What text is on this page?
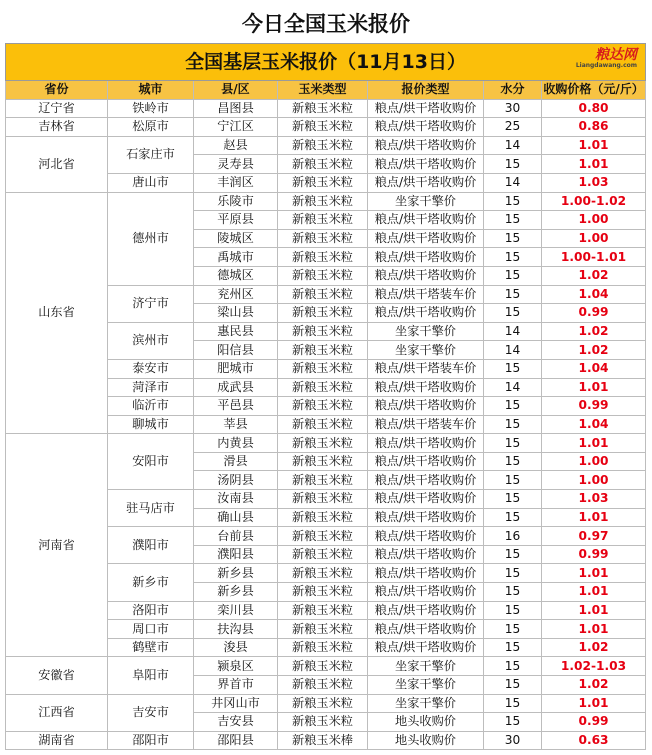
今日全国玉米报价
全国基层玉米报价（11月13日） 粮达网
Liangdawang.com						

省份	城市	县/区	玉米类型	报价类型	水分	收购价格（元/斤）
辽宁省	铁岭市	昌图县	新粮玉米粒	粮点/烘干塔收购价	30	0.80
吉林省	松原市	宁江区	新粮玉米粒	粮点/烘干塔收购价	25	0.86
河北省	石家庄市	赵县	新粮玉米粒	粮点/烘干塔收购价	14	1.01
		灵寿县	新粮玉米粒	粮点/烘干塔收购价	15	1.01
	唐山市	丰润区	新粮玉米粒	粮点/烘干塔收购价	14	1.03
山东省	德州市	乐陵市	新粮玉米粒	坐家干擎价	15	1.00-1.02
		平原县	新粮玉米粒	粮点/烘干塔收购价	15	1.00
		陵城区	新粮玉米粒	粮点/烘干塔收购价	15	1.00
		禹城市	新粮玉米粒	粮点/烘干塔收购价	15	1.00-1.01
		德城区	新粮玉米粒	粮点/烘干塔收购价	15	1.02
	济宁市	兖州区	新粮玉米粒	粮点/烘干塔装车价	15	1.04
		梁山县	新粮玉米粒	粮点/烘干塔收购价	15	0.99
	滨州市	惠民县	新粮玉米粒	坐家干擎价	14	1.02
		阳信县	新粮玉米粒	坐家干擎价	14	1.02
	泰安市	肥城市	新粮玉米粒	粮点/烘干塔装车价	15	1.04
	菏泽市	成武县	新粮玉米粒	粮点/烘干塔收购价	14	1.01
	临沂市	平邑县	新粮玉米粒	粮点/烘干塔收购价	15	0.99
	聊城市	莘县	新粮玉米粒	粮点/烘干塔装车价	15	1.04
河南省	安阳市	内黄县	新粮玉米粒	粮点/烘干塔收购价	15	1.01
		滑县	新粮玉米粒	粮点/烘干塔收购价	15	1.00
		汤阴县	新粮玉米粒	粮点/烘干塔收购价	15	1.00
	驻马店市	汝南县	新粮玉米粒	粮点/烘干塔收购价	15	1.03
		确山县	新粮玉米粒	粮点/烘干塔收购价	15	1.01
	濮阳市	台前县	新粮玉米粒	粮点/烘干塔收购价	16	0.97
		濮阳县	新粮玉米粒	粮点/烘干塔收购价	15	0.99
	新乡市	新乡县	新粮玉米粒	粮点/烘干塔收购价	15	1.01
		新乡县	新粮玉米粒	粮点/烘干塔收购价	15	1.01
	洛阳市	栾川县	新粮玉米粒	粮点/烘干塔收购价	15	1.01
	周口市	扶沟县	新粮玉米粒	粮点/烘干塔收购价	15	1.01
	鹤壁市	浚县	新粮玉米粒	粮点/烘干塔收购价	15	1.02
安徽省	阜阳市	颍泉区	新粮玉米粒	坐家干擎价	15	1.02-1.03
		界首市	新粮玉米粒	坐家干擎价	15	1.02
江西省	吉安市	井冈山市	新粮玉米粒	坐家干擎价	15	1.01
		吉安县	新粮玉米粒	地头收购价	15	0.99
湖南省	邵阳市	邵阳县	新粮玉米棒	地头收购价	30	0.63
